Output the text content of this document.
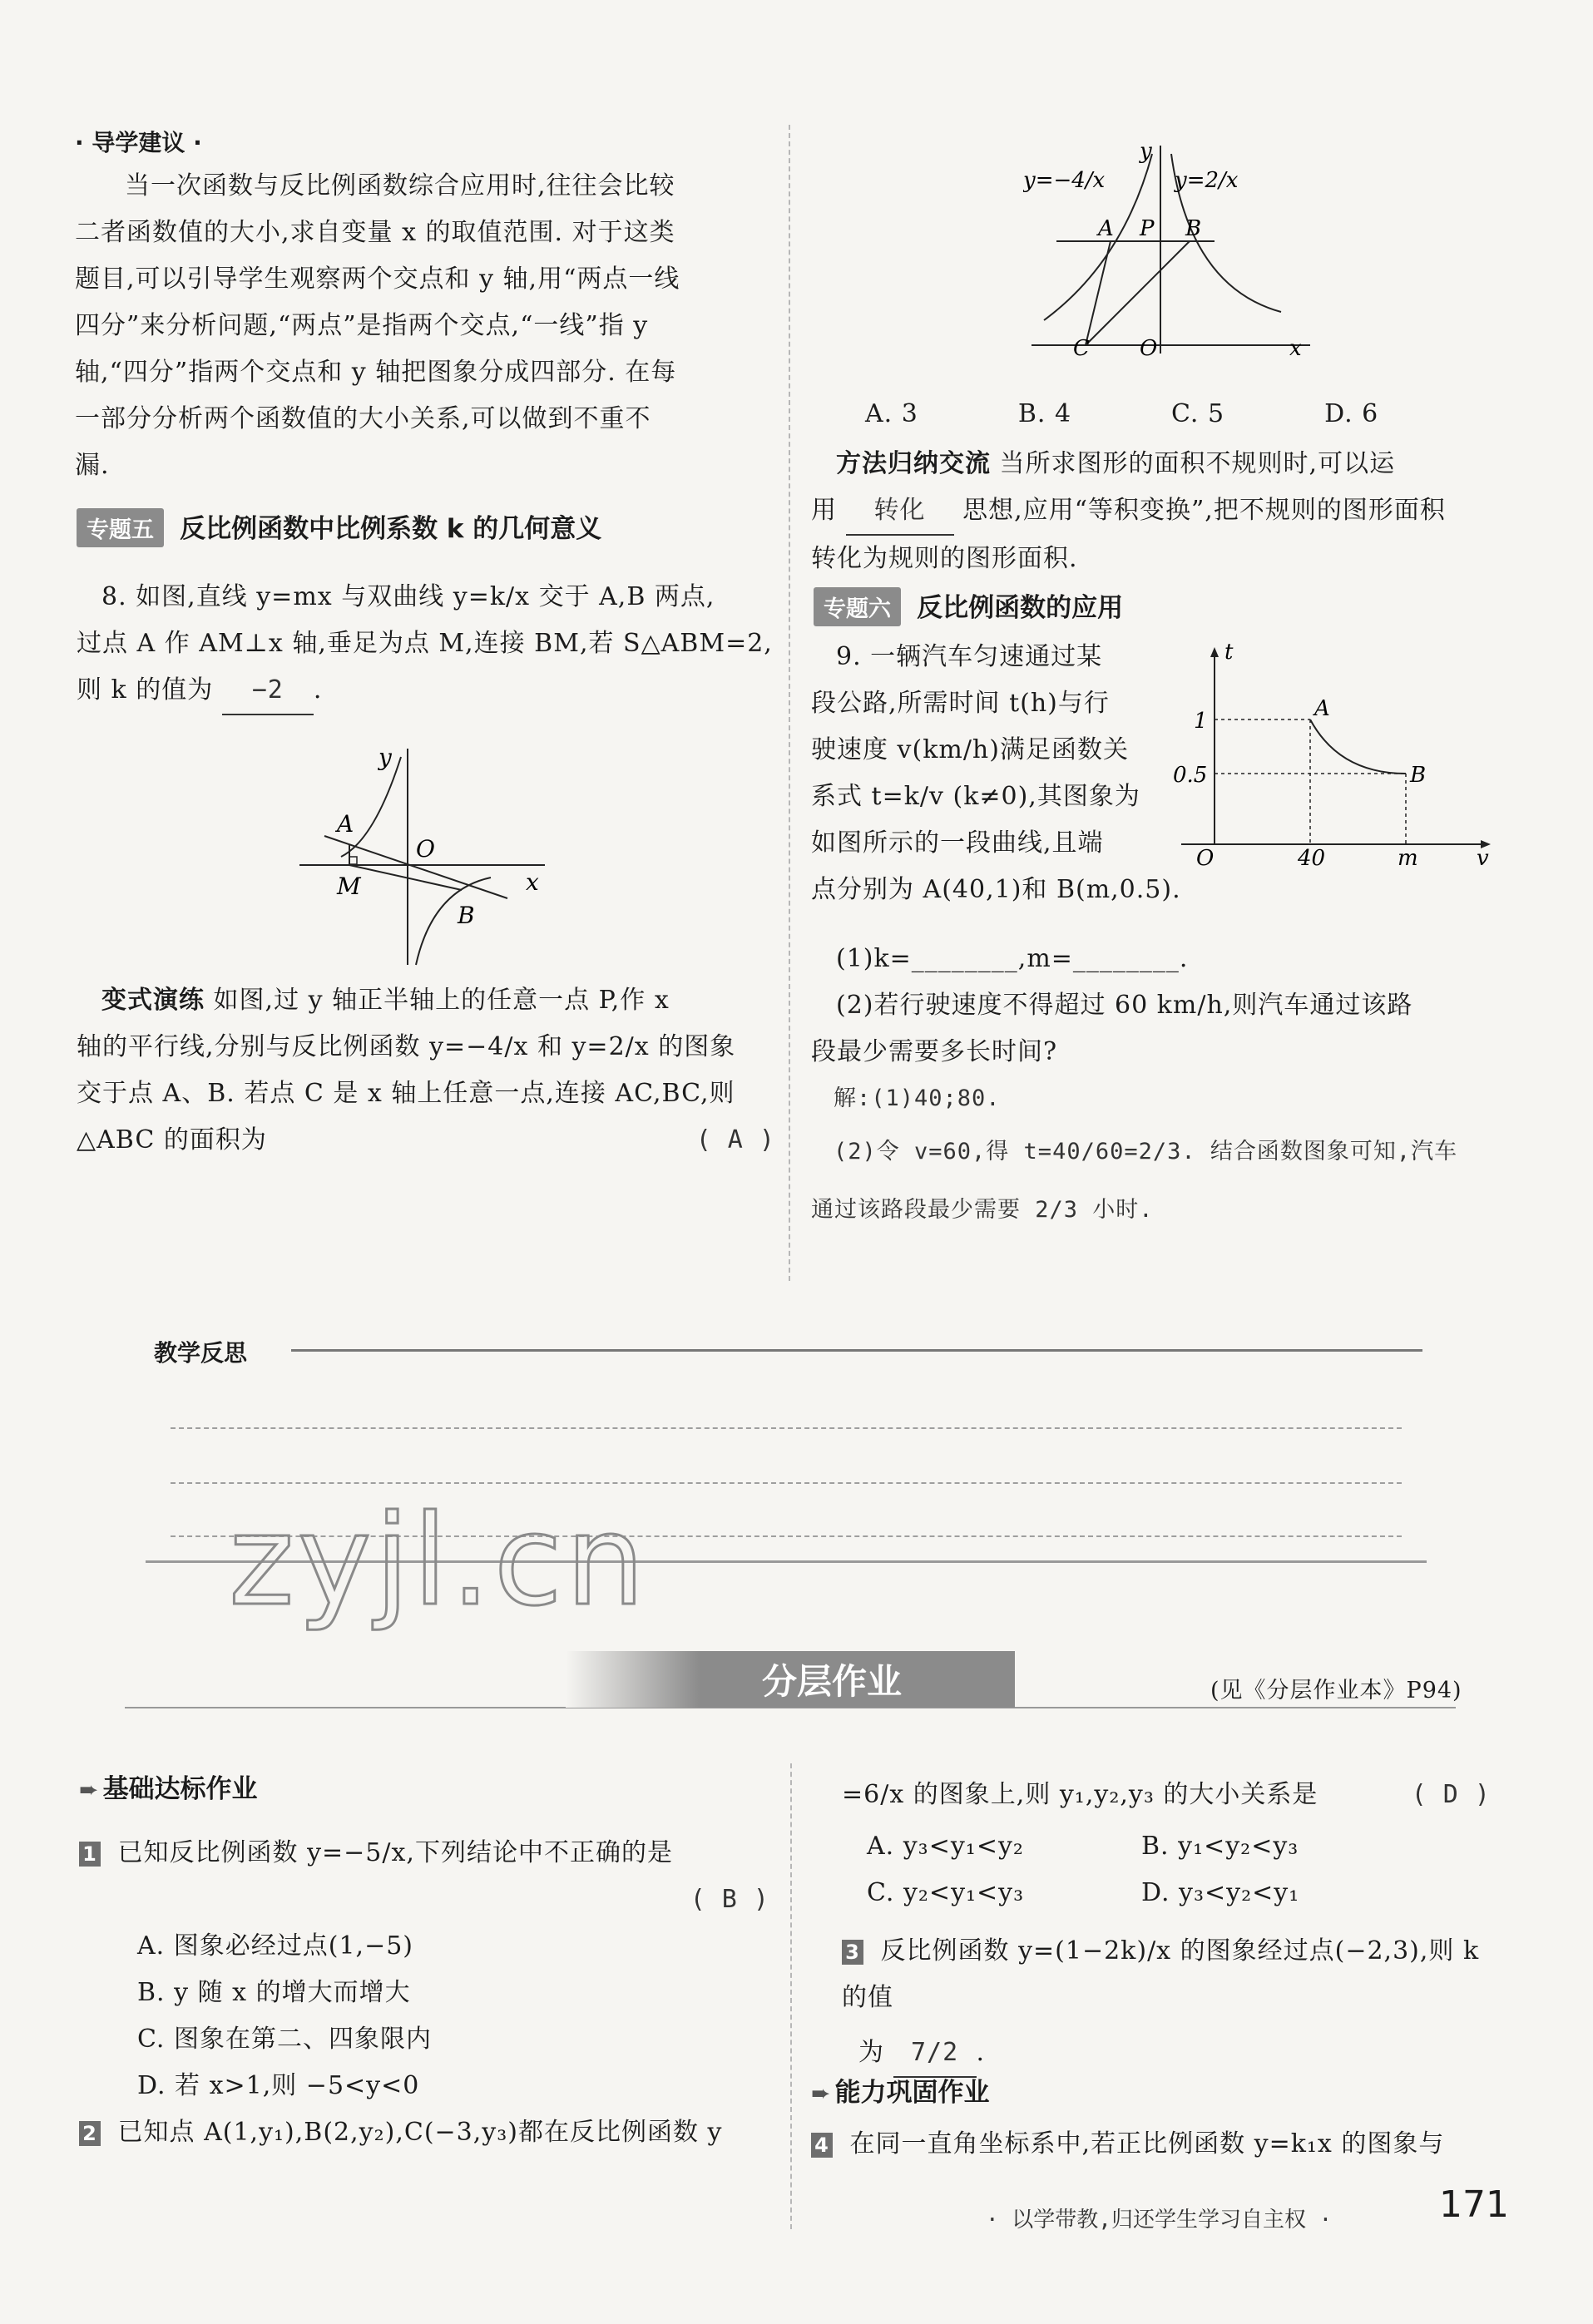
· 导学建议 ·
当一次函数与反比例函数综合应用时,往往会比较
二者函数值的大小,求自变量 x 的取值范围. 对于这类
题目,可以引导学生观察两个交点和 y 轴,用“两点一线
四分”来分析问题,“两点”是指两个交点,“一线”指 y
轴,“四分”指两个交点和 y 轴把图象分成四部分. 在每
一部分分析两个函数值的大小关系,可以做到不重不
漏.
专题五 反比例函数中比例系数 k 的几何意义
8. 如图,直线 y=mx 与双曲线 y=k/x 交于 A,B 两点,
过点 A 作 AM⊥x 轴,垂足为点 M,连接 BM,若 S△ABM=2,
则 k 的值为 −2 .
y
A
O
M	x
B
变式演练 如图,过 y 轴正半轴上的任意一点 P,作 x
轴的平行线,分别与反比例函数 y=−4/x 和 y=2/x 的图象
交于点 A、B. 若点 C 是 x 轴上任意一点,连接 AC,BC,则
△ABC 的面积为	( A )
y=−4/x
y
y=2/x
A P B
C O	x
A. 3	B. 4	C. 5	D. 6
方法归纳交流 当所求图形的面积不规则时,可以运
用 转化 思想,应用“等积变换”,把不规则的图形面积
转化为规则的图形面积.
专题六 反比例函数的应用
9. 一辆汽车匀速通过某
段公路,所需时间 t(h)与行
驶速度 v(km/h)满足函数关
系式 t=k/v (k≠0),其图象为
如图所示的一段曲线,且端
点分别为 A(40,1)和 B(m,0.5).
t
1	A
0.5	B
O	40	m	v
(1)k=________,m=________.
(2)若行驶速度不得超过 60 km/h,则汽车通过该路
段最少需要多长时间?
解:(1)40;80.
(2)令 v=60,得 t=40/60=2/3. 结合函数图象可知,汽车
通过该路段最少需要 2/3 小时.
教学反思
zyjl.cn
分层作业	(见《分层作业本》P94)
➨ 基础达标作业
1 已知反比例函数 y=−5/x,下列结论中不正确的是
( B )
A. 图象必经过点(1,−5)
B. y 随 x 的增大而增大
C. 图象在第二、四象限内
D. 若 x>1,则 −5<y<0
2 已知点 A(1,y₁),B(2,y₂),C(−3,y₃)都在反比例函数 y
=6/x 的图象上,则 y₁,y₂,y₃ 的大小关系是	( D )
A. y₃<y₁<y₂	B. y₁<y₂<y₃
C. y₂<y₁<y₃	D. y₃<y₂<y₁
3 反比例函数 y=(1−2k)/x 的图象经过点(−2,3),则 k 的值
为 7/2 .
➨ 能力巩固作业
4 在同一直角坐标系中,若正比例函数 y=k₁x 的图象与
· 以学带教,归还学生学习自主权 ·	171
